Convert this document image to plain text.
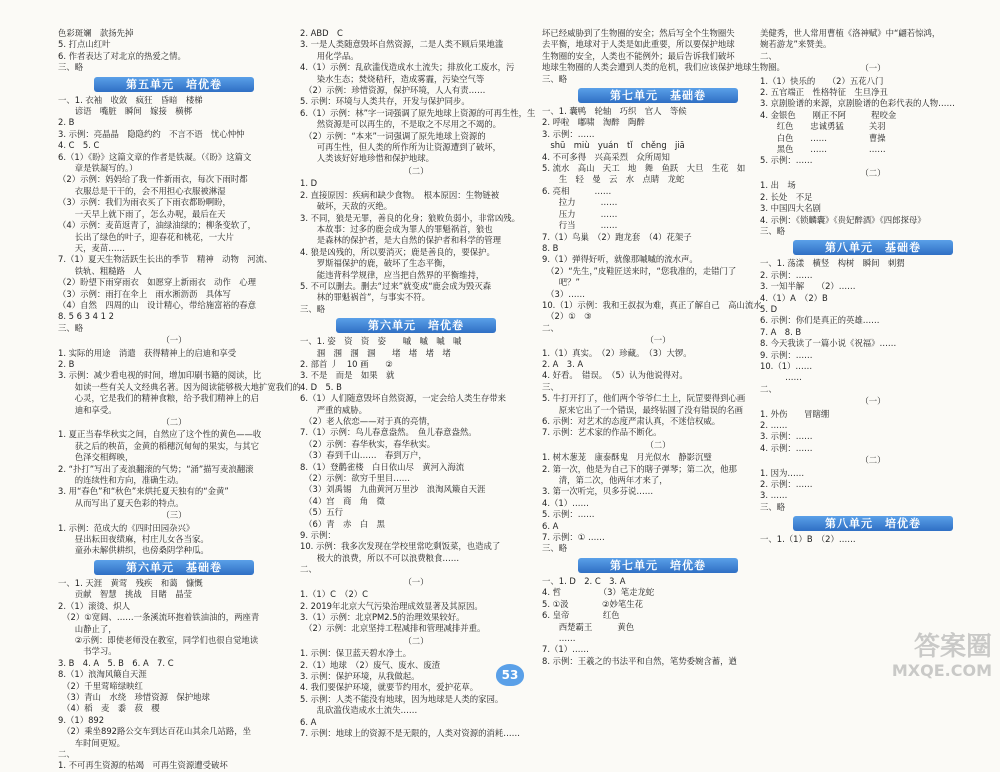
色彩斑斓　款扬先掉
5. 打点山红叶
6. 作者表达了对北京的热爱之情。
三、略
第五单元　培优卷
一、1. 衣袖　收敛　疯狂　昏暗　楼梯
　　谚语　嘴脏　瞬间　嫁接　横梆
2. B
3. 示例：亮晶晶　隐隐约约　不言不语　忧心忡忡
4. C　5. C
6.（1）《盼》这篇文章的作者是铁凝。（《盼》这篇文
　　章是铁凝写的。）
（2）示例：妈妈给了我一件新雨衣，每次下雨时都
　　衣服总是干干的，会不用担心衣服被淋湿
（3）示例：我们为雨衣买了下雨衣都盼啊盼，
　　一天早上就下雨了，怎么办呢，最后在天
（4）示例：麦苗返青了，油绿油绿的；柳条变软了，
　　长出了绿色的叶子，迎春花和桃花，一大片
　　天，麦苗……
7.（1）夏天生物活跃生长出的季节　精神　动物　河流、
　　铁轨、粗糙路　人
（2）盼望下雨穿雨衣　如愿穿上新雨衣　动作　心理
（3）示例：雨打在伞上　雨水淅沥沥　具体写
（4）自然　四周的山　设计精心，带给施富裕的春意
8. 5 6 3 4 1 2
三、略
（一）
1. 实际的用途　消遣　获得精神上的启迪和享受
2. B
3. 示例：减少看电视的时间，增加印刷书籍的阅读，比
　　如读一些有关人文经典名著。因为阅读能够极大地扩宽我们的
　　心灵，它是我们的精神食粮，给予我们精神上的启
　　迪和享受。
（二）
1. 夏正当春华秋实之间，自然应了这个性的黄色——收
　　获之后的秧苗，金黄的稻穗沉甸甸的果实，与其它
　　色泽交相辉映，
2. “扑打”写出了麦浪翻滚的气势；“涌”描写麦浪翻滚
　　的连续性和方向，准确生动。
3. 用“春色”和“秋色”来烘托夏天独有的“金黄”
　　从而写出了夏天色彩的特点。
（三）
1. 示例：范成大的《四时田园杂兴》
　　昼出耘田夜绩麻，村庄儿女各当家。
　　童孙未解供耕织，也傍桑阴学种瓜。
第六单元　基础卷
一、1. 天涯　黄莺　残疾　和蔼　慷慨
　　贡献　智慧　挑战　目睹　晶莹
2.（1）滚烫、炽人
　（2）①宽阔、……一条溪流环抱着铁油油的，两座青
　　山静止了，
　　②示例：即使老师没在教室，同学们也很自觉地读
　　　书学习。
3. B　4. A　5. B　6. A　7. C
8.（1）浪淘风簸自天涯
　（2）千里莺啼绿映红
　（3）青山　水绕　珍惜资源　保护地球
　（4）稻　麦　黍　菽　稷
9.（1）892
　（2）乘坐892路公交车到达百花山其余几站路，坐
　　车时间更短。
二、
1. 不可再生资源的枯竭　可再生资源遭受破坏
2. ABD　C
3. 一是人类随意毁坏自然资源，二是人类不顾后果地滥
　　用化学品。
4.（1）示例：乱砍滥伐造成水土流失；排放化工废水，污
　　染水生态；焚烧秸秆，造成雾霾，污染空气等
　（2）示例：珍惜资源，保护环境，人人有责……
5. 示例：环境与人类共存，开发与保护同步。
6.（1）示例：林”字一词强调了原先地球上资源的可再生性，生
　　然资源是可以再生的，不是取之不尽用之不竭的。
　（2）示例：“本来”一词强调了原先地球上资源的
　　可再生性，但人类的所作所为让资源遭到了破坏，
　　人类该好好地珍惜和保护地球。
（二）
1. D
2. 直接原因：疾病和缺少食物。　根本原因：生物链被
　　破坏，天敌的灭绝。
3. 不同，狼是无罪，善良的化身；狼败负弱小，非常凶残。
　　本故事：过多的鹿会成为罪人的罪魁祸首，狼也
　　是森林的保护者，是大自然的保护者和科学的管理
4. 狼是凶残的，所以要消灭；鹿是善良的，要保护。
　　罗斯福保护的鹿，破坏了生态平衡，
　　能违背科学规律，应当把自然界的平衡维持，
5. 不可以删去。删去“过来”就变成“鹿会成为毁灭森
　　林的罪魁祸首”，与事实不符。
三、略
第六单元　培优卷
一、1. 姿　资　资　姿　　嘁　嘁　嘁　嘁
　　涠　涠　涠　涠　　堵　堵　堵　堵
2. 部首 丿　10 画　　②
3. 不是　而是　如果　就
4. D　5. B
6.（1）人们随意毁坏自然资源，一定会给人类生存带来
　　严重的威胁。
　（2）老人依恋——对于真的亮情，
7.（1）示例：鸟儿春意盎然。　鱼儿春意盎然。
　（2）示例：春华秋实，春华秋实。
　（3）春到千山……　春到万户，
8.（1）登鹳雀楼　白日依山尽　黄河入海流
　（2）示例：欲穷千里目……
　（3）刘禹锡　九曲黄河万里沙　浪淘风簸自天涯
　（4）宫　商　角　徵
　（5）五行
　（6）青　赤　白　黑
9. 示例：
10. 示例：我多次发现在学校里常吃剩饭菜，也造成了
　　极大的浪费，所以不可以浪费粮食……
二、
（一）
1.（1）C　（2）C
2. 2019年北京大气污染治理成效显著及其原因。
3.（1）示例：北京PM2.5的治理效果较好。
　（2）示例：北京坚持工程减排和管理减排并重。
（二）
1. 示例：保卫蓝天碧水净土。
2.（1）地球　（2）废气、废水、废渣
3. 示例：保护环境，从我做起。
4. 我们要保护环境，就要节约用水，爱护花草。
5. 示例：人类不能没有地球，因为地球是人类的家园。
　　乱砍滥伐造成水土流失……
6. A
7. 示例：地球上的资源不是无限的，人类对资源的消耗……
坏已经威胁到了生物圈的安全；然后写全个生物圈失
去平衡，地球对于人类是如此重要，所以要保护地球
生物圈的安全，人类也不能例外；最后告诉我们破坏
地球生物圈的人类会遭到人类的危机，我们应该保护地球生物圈。
三、略
第七单元　基础卷
一、1. 囊鸭　轮轴　巧织　官人　等候
2. 呼啦　嘟啸　淘醉　陶醉
3. 示例：……
　shū　miù　yuán　tǐ　chěng　jiā
4. 不可多得　兴高采烈　众所周知
5. 流水　高山　天工　地　舞　鱼跃　大旦　生花　如
　　生　轻　曼　云　水　点睛　龙蛇
6. 亮相　　　……
　　拉力　　　……
　　压力　　　……
　　行当　　　……
7.（1）鸟巢　（2）跑龙套　（4）花架子
8. B
9.（1）弹得好听，就像那嘁嘁的流水声。
　（2）“先生，”皮鞋匠送来时，“您我准的，走错门了
　　吧？”
　（3）……
10.（1）示例：我和王叔叔为难，真正了解自己　高山流水
　（2）①　③
二、
（一）
1.（1）真实。　（2）珍藏。　（3）大锣。
2. A　3. A
4. 好看。　错误。　（5）认为他说得对。
三、
5. 牛打开打了，他们两个爷爷仁土上，阮罡要得到心画
　　原来它出了一个错误，最终钻圆了没有错误的名画
6. 示例：对艺术的态度严肃认真，不迷信权威。
7. 示例：艺术家的作品不断化。
（二）
1. 树木葱茏　康泰酥鬼　月光似水　静影沉璧
2. 第一次，他是为自己下的瞎子弹琴；第二次，他那
　　清，第二次，他两年才来了，
3. 第一次听完，贝多芬说……
4.（1）……
5. 示例：……
6. A
7. 示例：① ……
三、略
第七单元　培优卷
一、1. D　2. C　3. A
4. 哲　　　　　（3）笔走龙蛇
5. ①汲　　　　②妙笔生花
6. 皇帝　　　　红色
　　西楚霸王　　　黄色
　　……
7.（1）……
8. 示例：王羲之的书法平和自然，笔势委婉含蓄，遒
美健秀，世人常用曹植《洛神赋》中“翩若惊鸿，
婉若游龙”来赞美。
二、
（一）
1.（1）快乐的　　（2）五花八门
2. 五官端正　性格特征　生旦净丑
3. 京剧脸谱的来源，京剧脸谱的色彩代表的人物……
4. 金银色　　刚正不阿　　　程咬金
　　红色　　忠诚勇猛　　　关羽
　　白色　　……　　　　　曹操
　　黑色　　……　　　　　……
5. 示例：……
（二）
1. 出　场
2. 长处　不足
3. 中国四大名剧
4. 示例：《锁麟囊》《贵妃醉酒》《四郎探母》
三、略
第八单元　基础卷
一、1. 荡漾　横竖　构树　瞬间　刺猬
2. 示例：……
3. 一知半解　　（2）……
4.（1）A　（2）B
5. D
6. 示例：你们是真正的英雄……
7. A　8. B
8. 今天我读了一篇小说《祝福》……
9. 示例：……
10.（1）……
　　　……
二、
（一）
1. 外伤　　冒瞎绷
2. ……
3. 示例：……
4. 示例：……
（二）
1. 因为……
2. 示例：……
3. ……
三、略
第八单元　培优卷
一、1.（1）B　（2）……
53
答案圈
MXQE.COM
